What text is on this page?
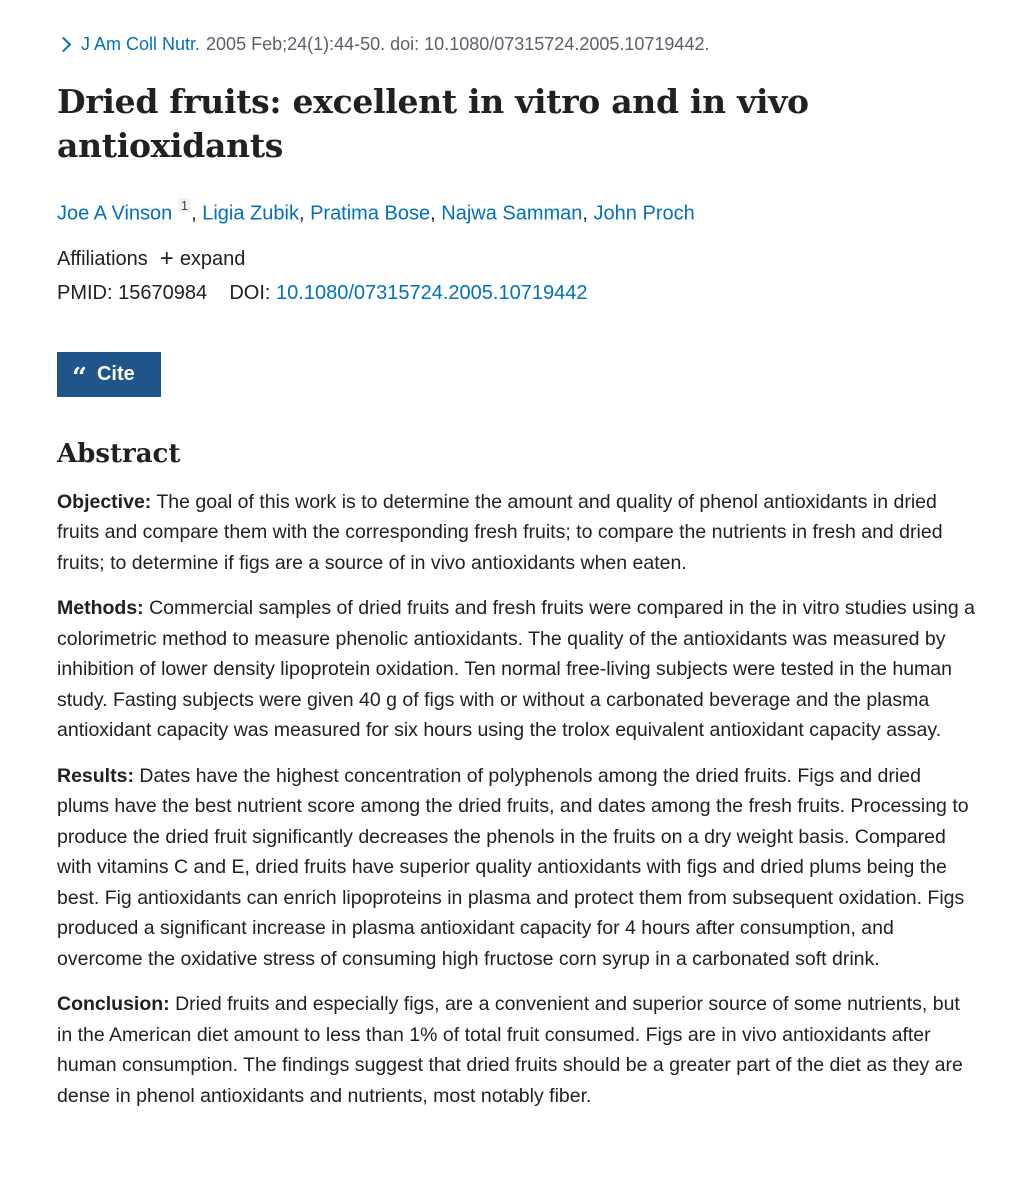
J Am Coll Nutr. 2005 Feb;24(1):44-50. doi: 10.1080/07315724.2005.10719442.
Dried fruits: excellent in vitro and in vivo antioxidants
Joe A Vinson $^1$ , Ligia Zubik, Pratima Bose, Najwa Samman, John Proch
Affiliations + expand
PMID: 15670984 DOI: 10.1080/07315724.2005.10719442
“ Cite
Abstract

Objective: The goal of this work is to determine the amount and quality of phenol antioxidants in dried fruits and compare them with the corresponding fresh fruits; to compare the nutrients in fresh and dried fruits; to determine if figs are a source of in vivo antioxidants when eaten.

Methods: Commercial samples of dried fruits and fresh fruits were compared in the in vitro studies using a colorimetric method to measure phenolic antioxidants. The quality of the antioxidants was measured by inhibition of lower density lipoprotein oxidation. Ten normal free-living subjects were tested in the human study. Fasting subjects were given 40 g of figs with or without a carbonated beverage and the plasma antioxidant capacity was measured for six hours using the trolox equivalent antioxidant capacity assay.

Results: Dates have the highest concentration of polyphenols among the dried fruits. Figs and dried plums have the best nutrient score among the dried fruits, and dates among the fresh fruits. Processing to produce the dried fruit significantly decreases the phenols in the fruits on a dry weight basis. Compared with vitamins C and E, dried fruits have superior quality antioxidants with figs and dried plums being the best. Fig antioxidants can enrich lipoproteins in plasma and protect them from subsequent oxidation. Figs produced a significant increase in plasma antioxidant capacity for 4 hours after consumption, and overcome the oxidative stress of consuming high fructose corn syrup in a carbonated soft drink.

Conclusion: Dried fruits and especially figs, are a convenient and superior source of some nutrients, but in the American diet amount to less than 1% of total fruit consumed. Figs are in vivo antioxidants after human consumption. The findings suggest that dried fruits should be a greater part of the diet as they are dense in phenol antioxidants and nutrients, most notably fiber.
